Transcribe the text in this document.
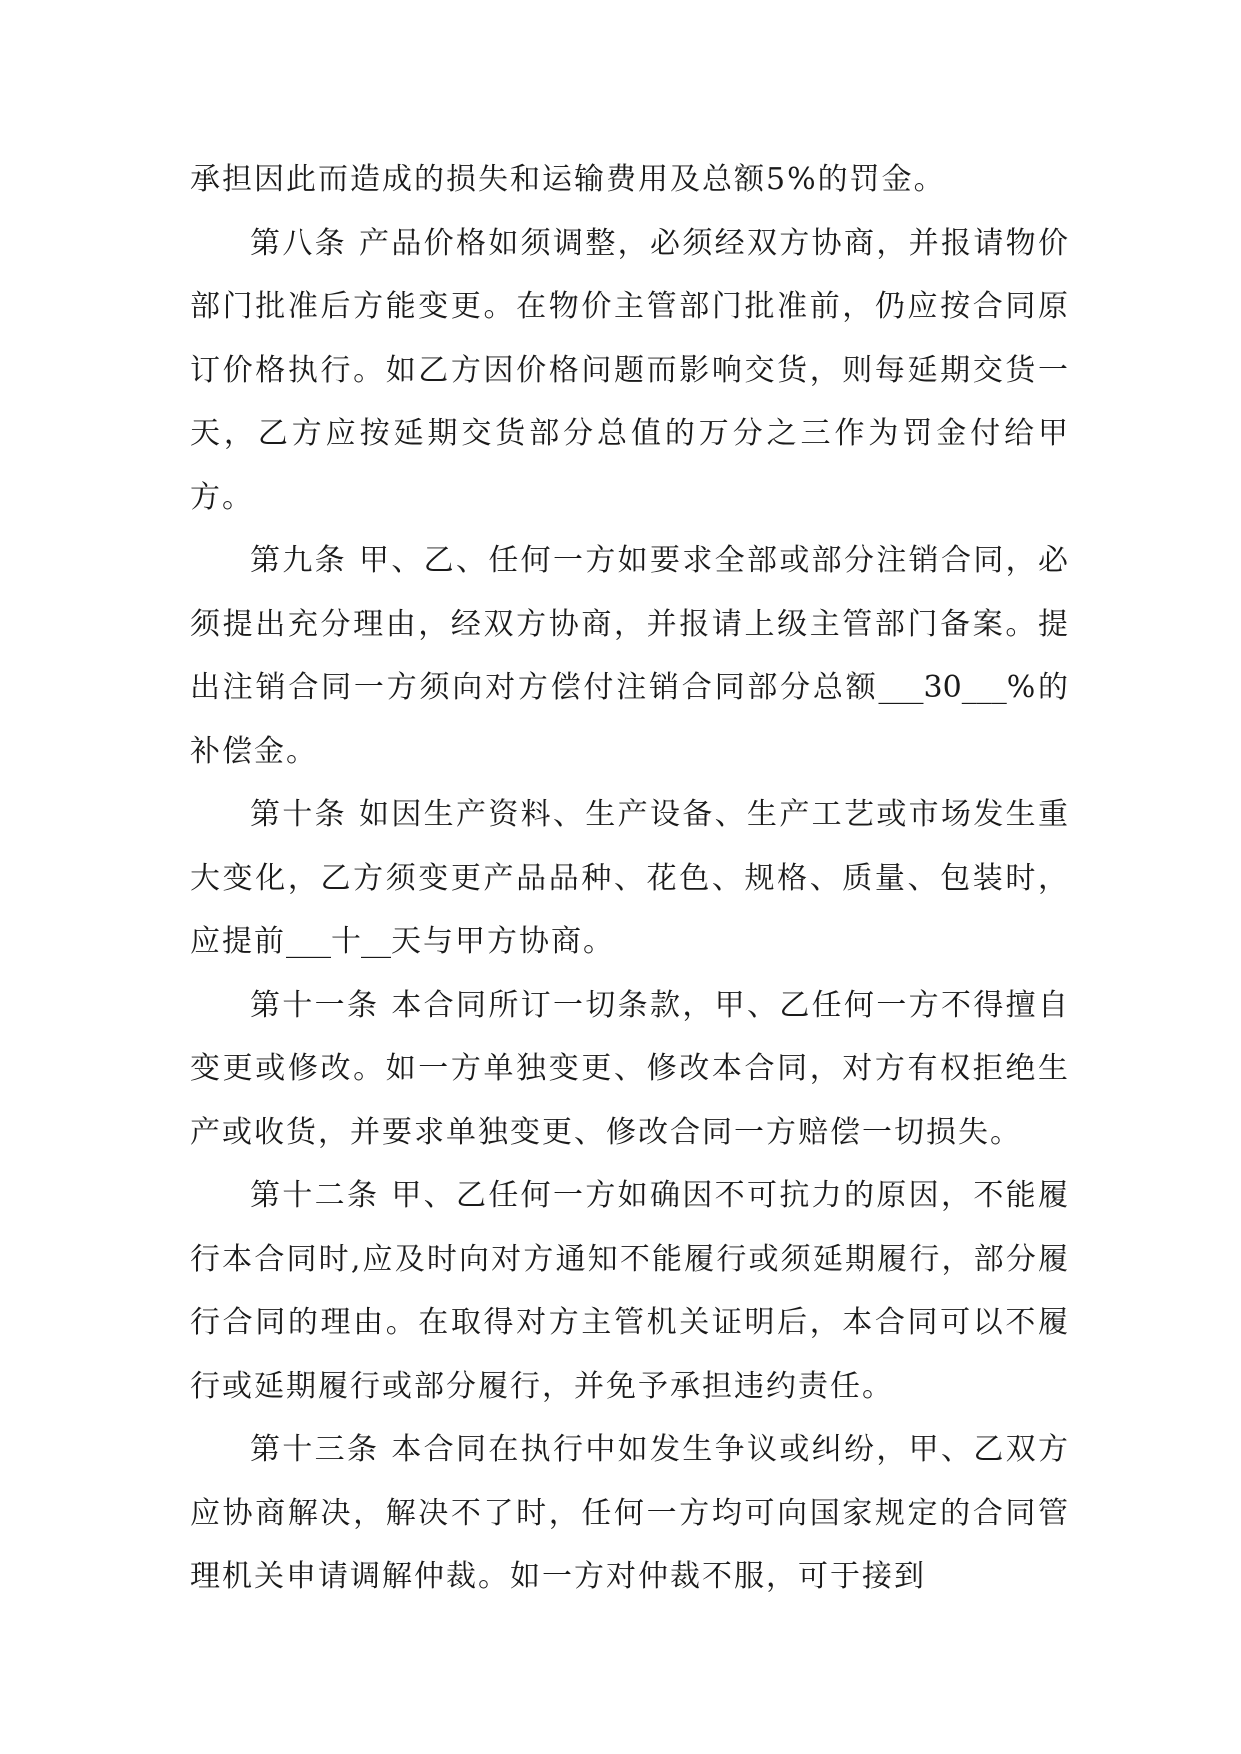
承担因此而造成的损失和运输费用及总额5%的罚金。

第八条 产品价格如须调整，必须经双方协商，并报请物价部门批准后方能变更。在物价主管部门批准前，仍应按合同原订价格执行。如乙方因价格问题而影响交货，则每延期交货一天，乙方应按延期交货部分总值的万分之三作为罚金付给甲方。

第九条 甲、乙、任何一方如要求全部或部分注销合同，必须提出充分理由，经双方协商，并报请上级主管部门备案。提出注销合同一方须向对方偿付注销合同部分总额___30___%的补偿金。

第十条 如因生产资料、生产设备、生产工艺或市场发生重大变化，乙方须变更产品品种、花色、规格、质量、包装时，应提前___十__天与甲方协商。

第十一条 本合同所订一切条款，甲、乙任何一方不得擅自变更或修改。如一方单独变更、修改本合同，对方有权拒绝生产或收货，并要求单独变更、修改合同一方赔偿一切损失。

第十二条 甲、乙任何一方如确因不可抗力的原因，不能履行本合同时,应及时向对方通知不能履行或须延期履行，部分履行合同的理由。在取得对方主管机关证明后，本合同可以不履行或延期履行或部分履行，并免予承担违约责任。

第十三条 本合同在执行中如发生争议或纠纷，甲、乙双方应协商解决，解决不了时，任何一方均可向国家规定的合同管理机关申请调解仲裁。如一方对仲裁不服，可于接到
